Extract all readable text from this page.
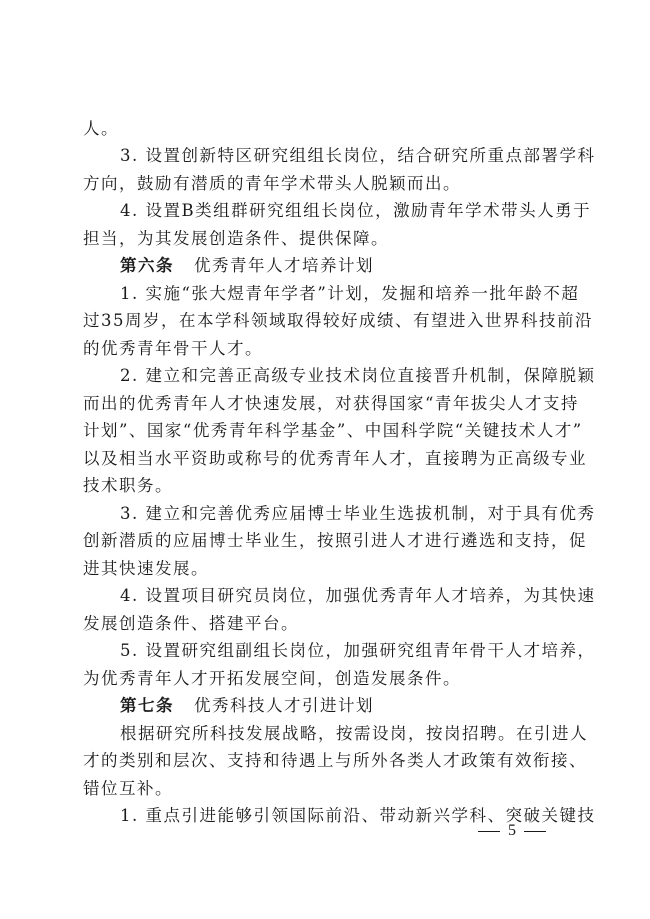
人。
3. 设置创新特区研究组组长岗位，结合研究所重点部署学科
方向，鼓励有潜质的青年学术带头人脱颖而出。
4. 设置B类组群研究组组长岗位，激励青年学术带头人勇于
担当，为其发展创造条件、提供保障。
第六条 优秀青年人才培养计划
1. 实施“张大煜青年学者”计划，发掘和培养一批年龄不超
过35周岁，在本学科领域取得较好成绩、有望进入世界科技前沿
的优秀青年骨干人才。
2. 建立和完善正高级专业技术岗位直接晋升机制，保障脱颖
而出的优秀青年人才快速发展，对获得国家“青年拔尖人才支持
计划”、国家“优秀青年科学基金”、中国科学院“关键技术人才”
以及相当水平资助或称号的优秀青年人才，直接聘为正高级专业
技术职务。
3. 建立和完善优秀应届博士毕业生选拔机制，对于具有优秀
创新潜质的应届博士毕业生，按照引进人才进行遴选和支持，促
进其快速发展。
4. 设置项目研究员岗位，加强优秀青年人才培养，为其快速
发展创造条件、搭建平台。
5. 设置研究组副组长岗位，加强研究组青年骨干人才培养，
为优秀青年人才开拓发展空间，创造发展条件。
第七条 优秀科技人才引进计划
根据研究所科技发展战略，按需设岗，按岗招聘。在引进人
才的类别和层次、支持和待遇上与所外各类人才政策有效衔接、
错位互补。
1. 重点引进能够引领国际前沿、带动新兴学科、突破关键技
5
